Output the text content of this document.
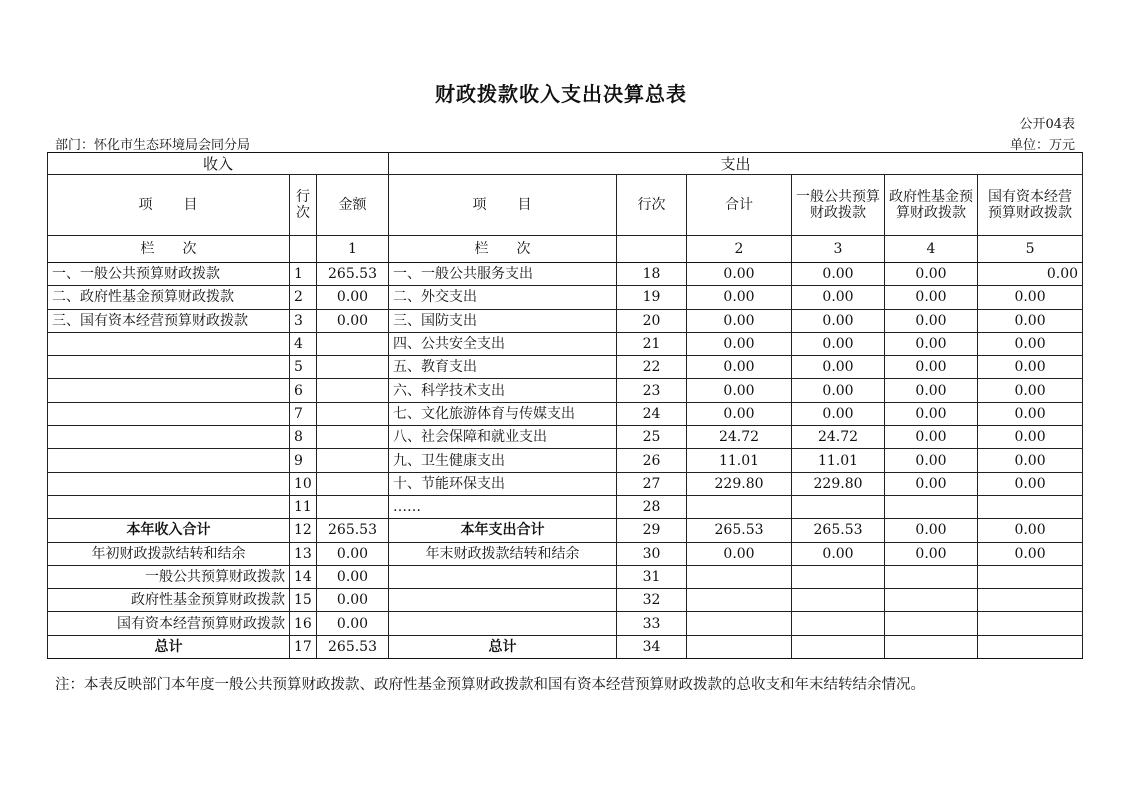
财政拨款收入支出决算总表
公开04表
部门：怀化市生态环境局会同分局	单位：万元
收入			支出					
项　　目	行次	金额	项　　目	行次	合计	一般公共预算财政拨款	政府性基金预算财政拨款	国有资本经营预算财政拨款
栏　　次		1	栏　　次		2	3	4	5
一、一般公共预算财政拨款	1	265.53	一、一般公共服务支出	18	0.00	0.00	0.00	0.00
二、政府性基金预算财政拨款	2	0.00	二、外交支出	19	0.00	0.00	0.00	0.00
三、国有资本经营预算财政拨款	3	0.00	三、国防支出	20	0.00	0.00	0.00	0.00
	4		四、公共安全支出	21	0.00	0.00	0.00	0.00
	5		五、教育支出	22	0.00	0.00	0.00	0.00
	6		六、科学技术支出	23	0.00	0.00	0.00	0.00
	7		七、文化旅游体育与传媒支出	24	0.00	0.00	0.00	0.00
	8		八、社会保障和就业支出	25	24.72	24.72	0.00	0.00
	9		九、卫生健康支出	26	11.01	11.01	0.00	0.00
	10		十、节能环保支出	27	229.80	229.80	0.00	0.00
	11		……	28				
本年收入合计	12	265.53	本年支出合计	29	265.53	265.53	0.00	0.00
年初财政拨款结转和结余	13	0.00	年末财政拨款结转和结余	30	0.00	0.00	0.00	0.00
一般公共预算财政拨款	14	0.00		31				
政府性基金预算财政拨款	15	0.00		32				
国有资本经营预算财政拨款	16	0.00		33				
总计	17	265.53	总计	34				
注：本表反映部门本年度一般公共预算财政拨款、政府性基金预算财政拨款和国有资本经营预算财政拨款的总收支和年末结转结余情况。
